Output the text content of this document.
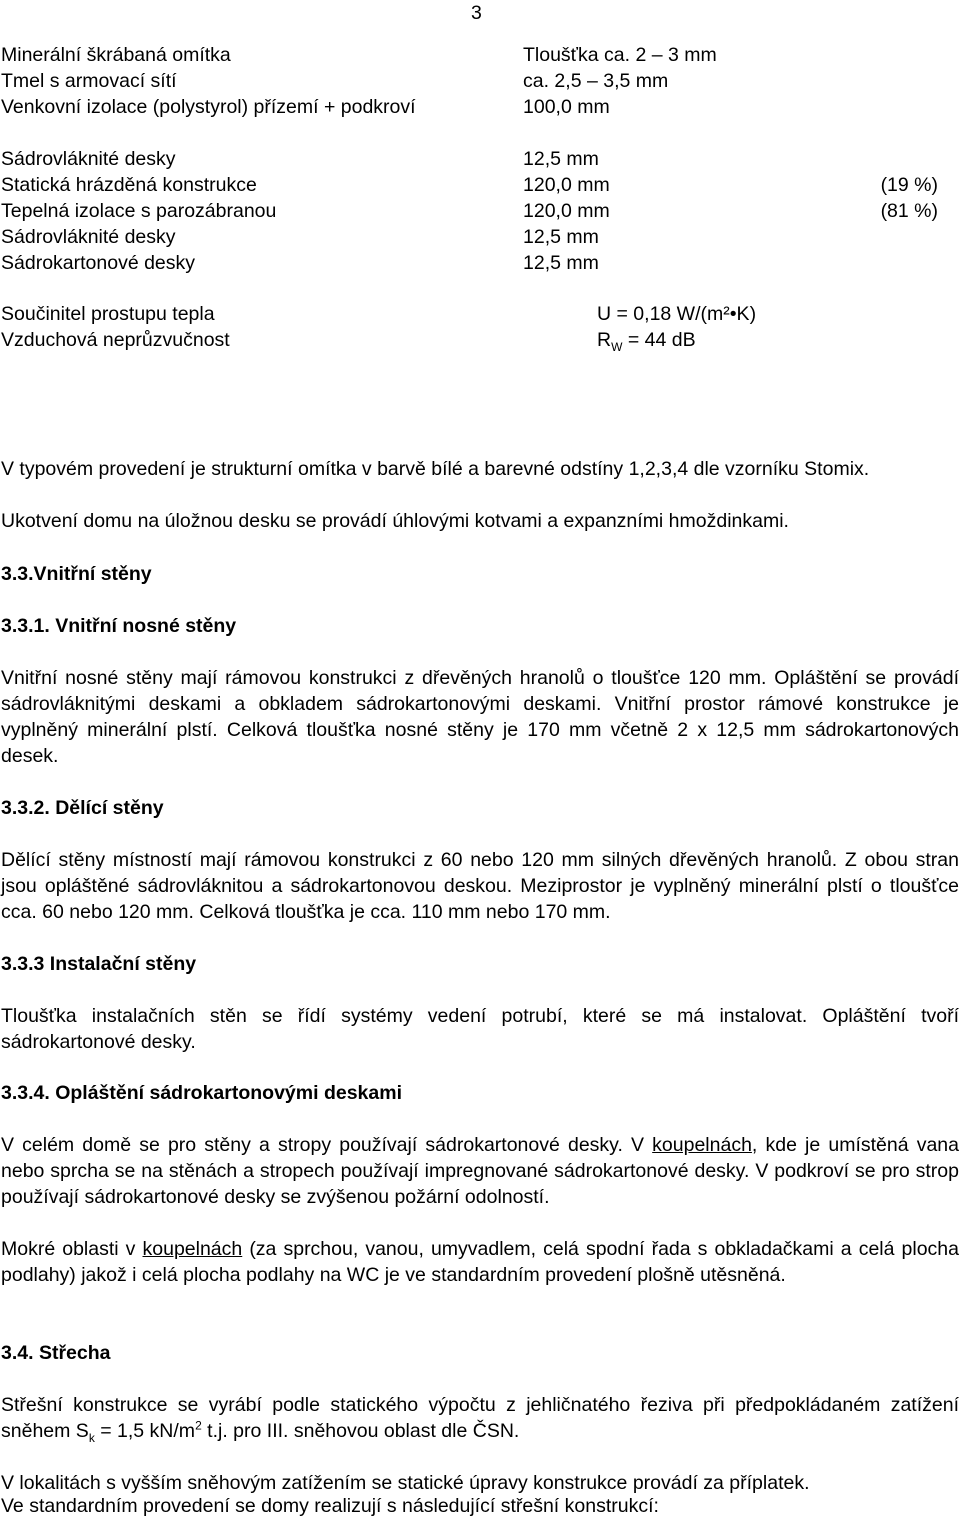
3
Minerální škrábaná omítka	Tloušťka ca. 2 – 3 mm
Tmel s armovací sítí	ca. 2,5 – 3,5 mm
Venkovní izolace (polystyrol) přízemí + podkroví	100,0 mm
Sádrovláknité desky	12,5 mm
Statická hrázděná konstrukce	120,0 mm	(19 %)
Tepelná izolace s parozábranou	120,0 mm	(81 %)
Sádrovláknité desky	12,5 mm
Sádrokartonové desky	12,5 mm
Součinitel prostupu tepla	U = 0,18 W/(m²•K)
Vzduchová neprůzvučnost	$R_W = 44$ dB
V typovém provedení je strukturní omítka v barvě bílé a barevné odstíny 1,2,3,4 dle vzorníku Stomix.
Ukotvení domu na úložnou desku se provádí úhlovými kotvami a expanzními hmoždinkami.
3.3.Vnitřní stěny
3.3.1. Vnitřní nosné stěny
Vnitřní nosné stěny mají rámovou konstrukci z dřevěných hranolů o tloušťce 120 mm. Opláštění se provádí sádrovláknitými deskami a obkladem sádrokartonovými deskami. Vnitřní prostor rámové konstrukce je vyplněný minerální plstí. Celková tloušťka nosné stěny je 170 mm včetně 2 x 12,5 mm sádrokartonových desek.
3.3.2. Dělící stěny
Dělící stěny místností mají rámovou konstrukci z 60 nebo 120 mm silných dřevěných hranolů. Z obou stran jsou opláštěné sádrovláknitou a sádrokartonovou deskou. Meziprostor je vyplněný minerální plstí o tloušťce cca. 60 nebo 120 mm. Celková tloušťka je cca. 110 mm nebo 170 mm.
3.3.3 Instalační stěny
Tloušťka instalačních stěn se řídí systémy vedení potrubí, které se má instalovat. Opláštění tvoří sádrokartonové desky.
3.3.4. Opláštění sádrokartonovými deskami
V celém domě se pro stěny a stropy používají sádrokartonové desky. V koupelnách, kde je umístěná vana nebo sprcha se na stěnách a stropech používají impregnované sádrokartonové desky. V podkroví se pro strop používají sádrokartonové desky se zvýšenou požární odolností.
Mokré oblasti v koupelnách (za sprchou, vanou, umyvadlem, celá spodní řada s obkladačkami a celá plocha podlahy) jakož i celá plocha podlahy na WC je ve standardním provedení plošně utěsněná.
3.4. Střecha
Střešní konstrukce se vyrábí podle statického výpočtu z jehličnatého řeziva při předpokládaném zatížení sněhem $S_k = 1,5$ $kN/m^2$ t.j. pro III. sněhovou oblast dle ČSN.
V lokalitách s vyšším sněhovým zatížením se statické úpravy konstrukce provádí za příplatek.
Ve standardním provedení se domy realizují s následující střešní konstrukcí:
